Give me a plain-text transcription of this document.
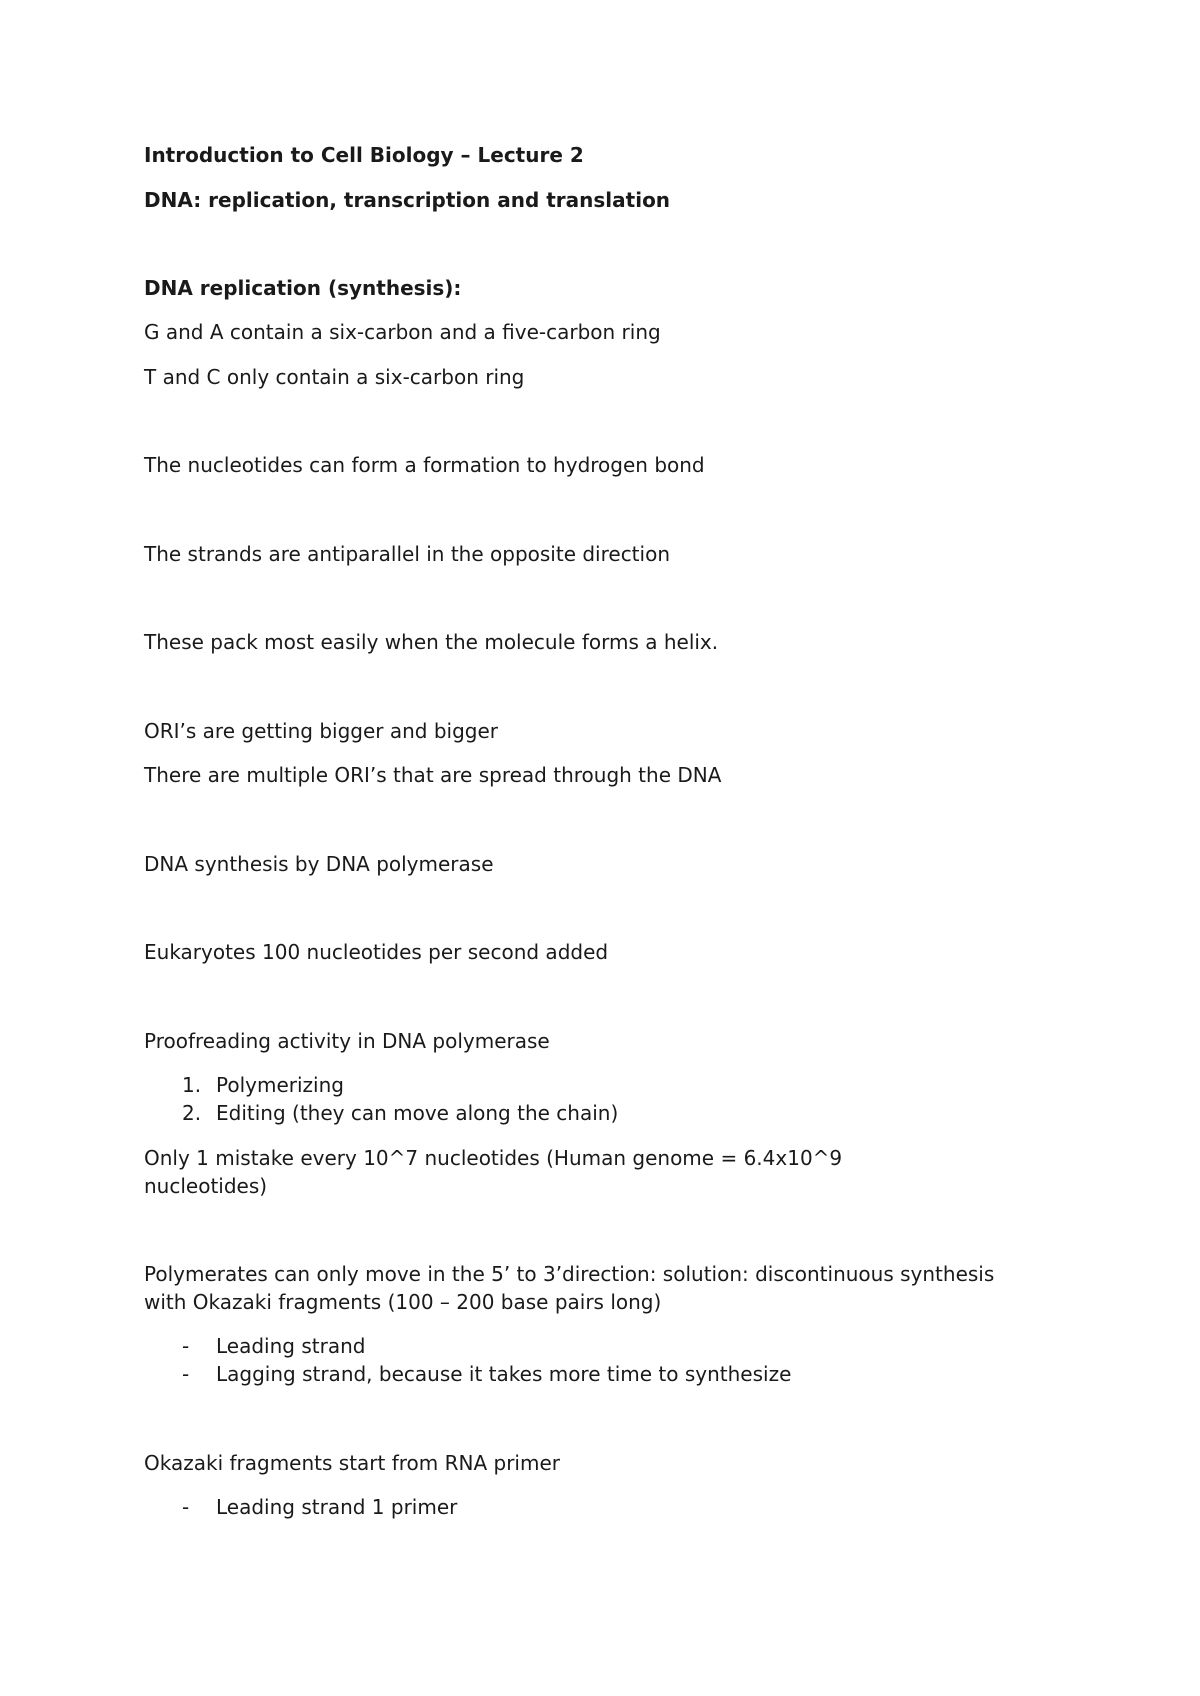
Introduction to Cell Biology – Lecture 2
DNA: replication, transcription and translation
DNA replication (synthesis):
G and A contain a six-carbon and a five-carbon ring
T and C only contain a six-carbon ring
The nucleotides can form a formation to hydrogen bond
The strands are antiparallel in the opposite direction
These pack most easily when the molecule forms a helix.
ORI’s are getting bigger and bigger
There are multiple ORI’s that are spread through the DNA
DNA synthesis by DNA polymerase
Eukaryotes 100 nucleotides per second added
Proofreading activity in DNA polymerase
1. Polymerizing
2. Editing (they can move along the chain)
Only 1 mistake every 10^7 nucleotides (Human genome = 6.4x10^9 nucleotides)
Polymerates can only move in the 5’ to 3’direction: solution: discontinuous synthesis with Okazaki fragments (100 – 200 base pairs long)
- Leading strand
- Lagging strand, because it takes more time to synthesize
Okazaki fragments start from RNA primer
- Leading strand 1 primer
